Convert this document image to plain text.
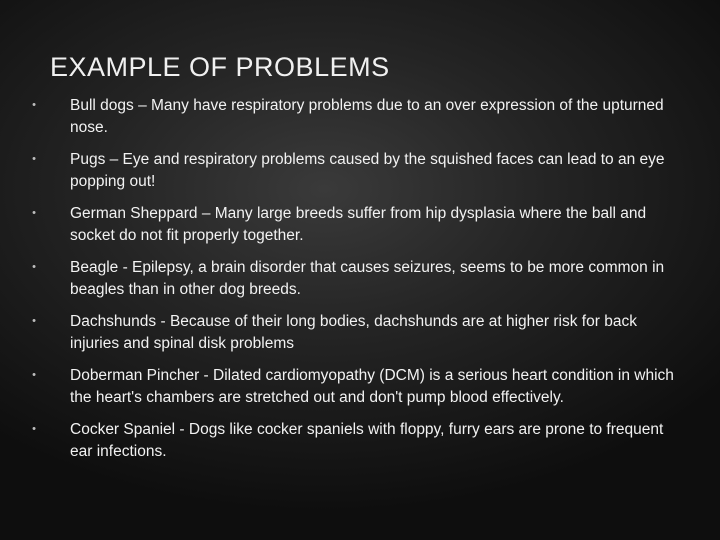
EXAMPLE OF PROBLEMS
• Bull dogs – Many have respiratory problems due to an over expression of the upturned nose.
• Pugs – Eye and respiratory problems caused by the squished faces can lead to an eye popping out!
• German Sheppard – Many large breeds suffer from hip dysplasia where the ball and socket do not fit properly together.
• Beagle - Epilepsy, a brain disorder that causes seizures, seems to be more common in beagles than in other dog breeds.
• Dachshunds - Because of their long bodies, dachshunds are at higher risk for back injuries and spinal disk problems
• Doberman Pincher - Dilated cardiomyopathy (DCM) is a serious heart condition in which the heart's chambers are stretched out and don't pump blood effectively.
• Cocker Spaniel - Dogs like cocker spaniels with floppy, furry ears are prone to frequent ear infections.
